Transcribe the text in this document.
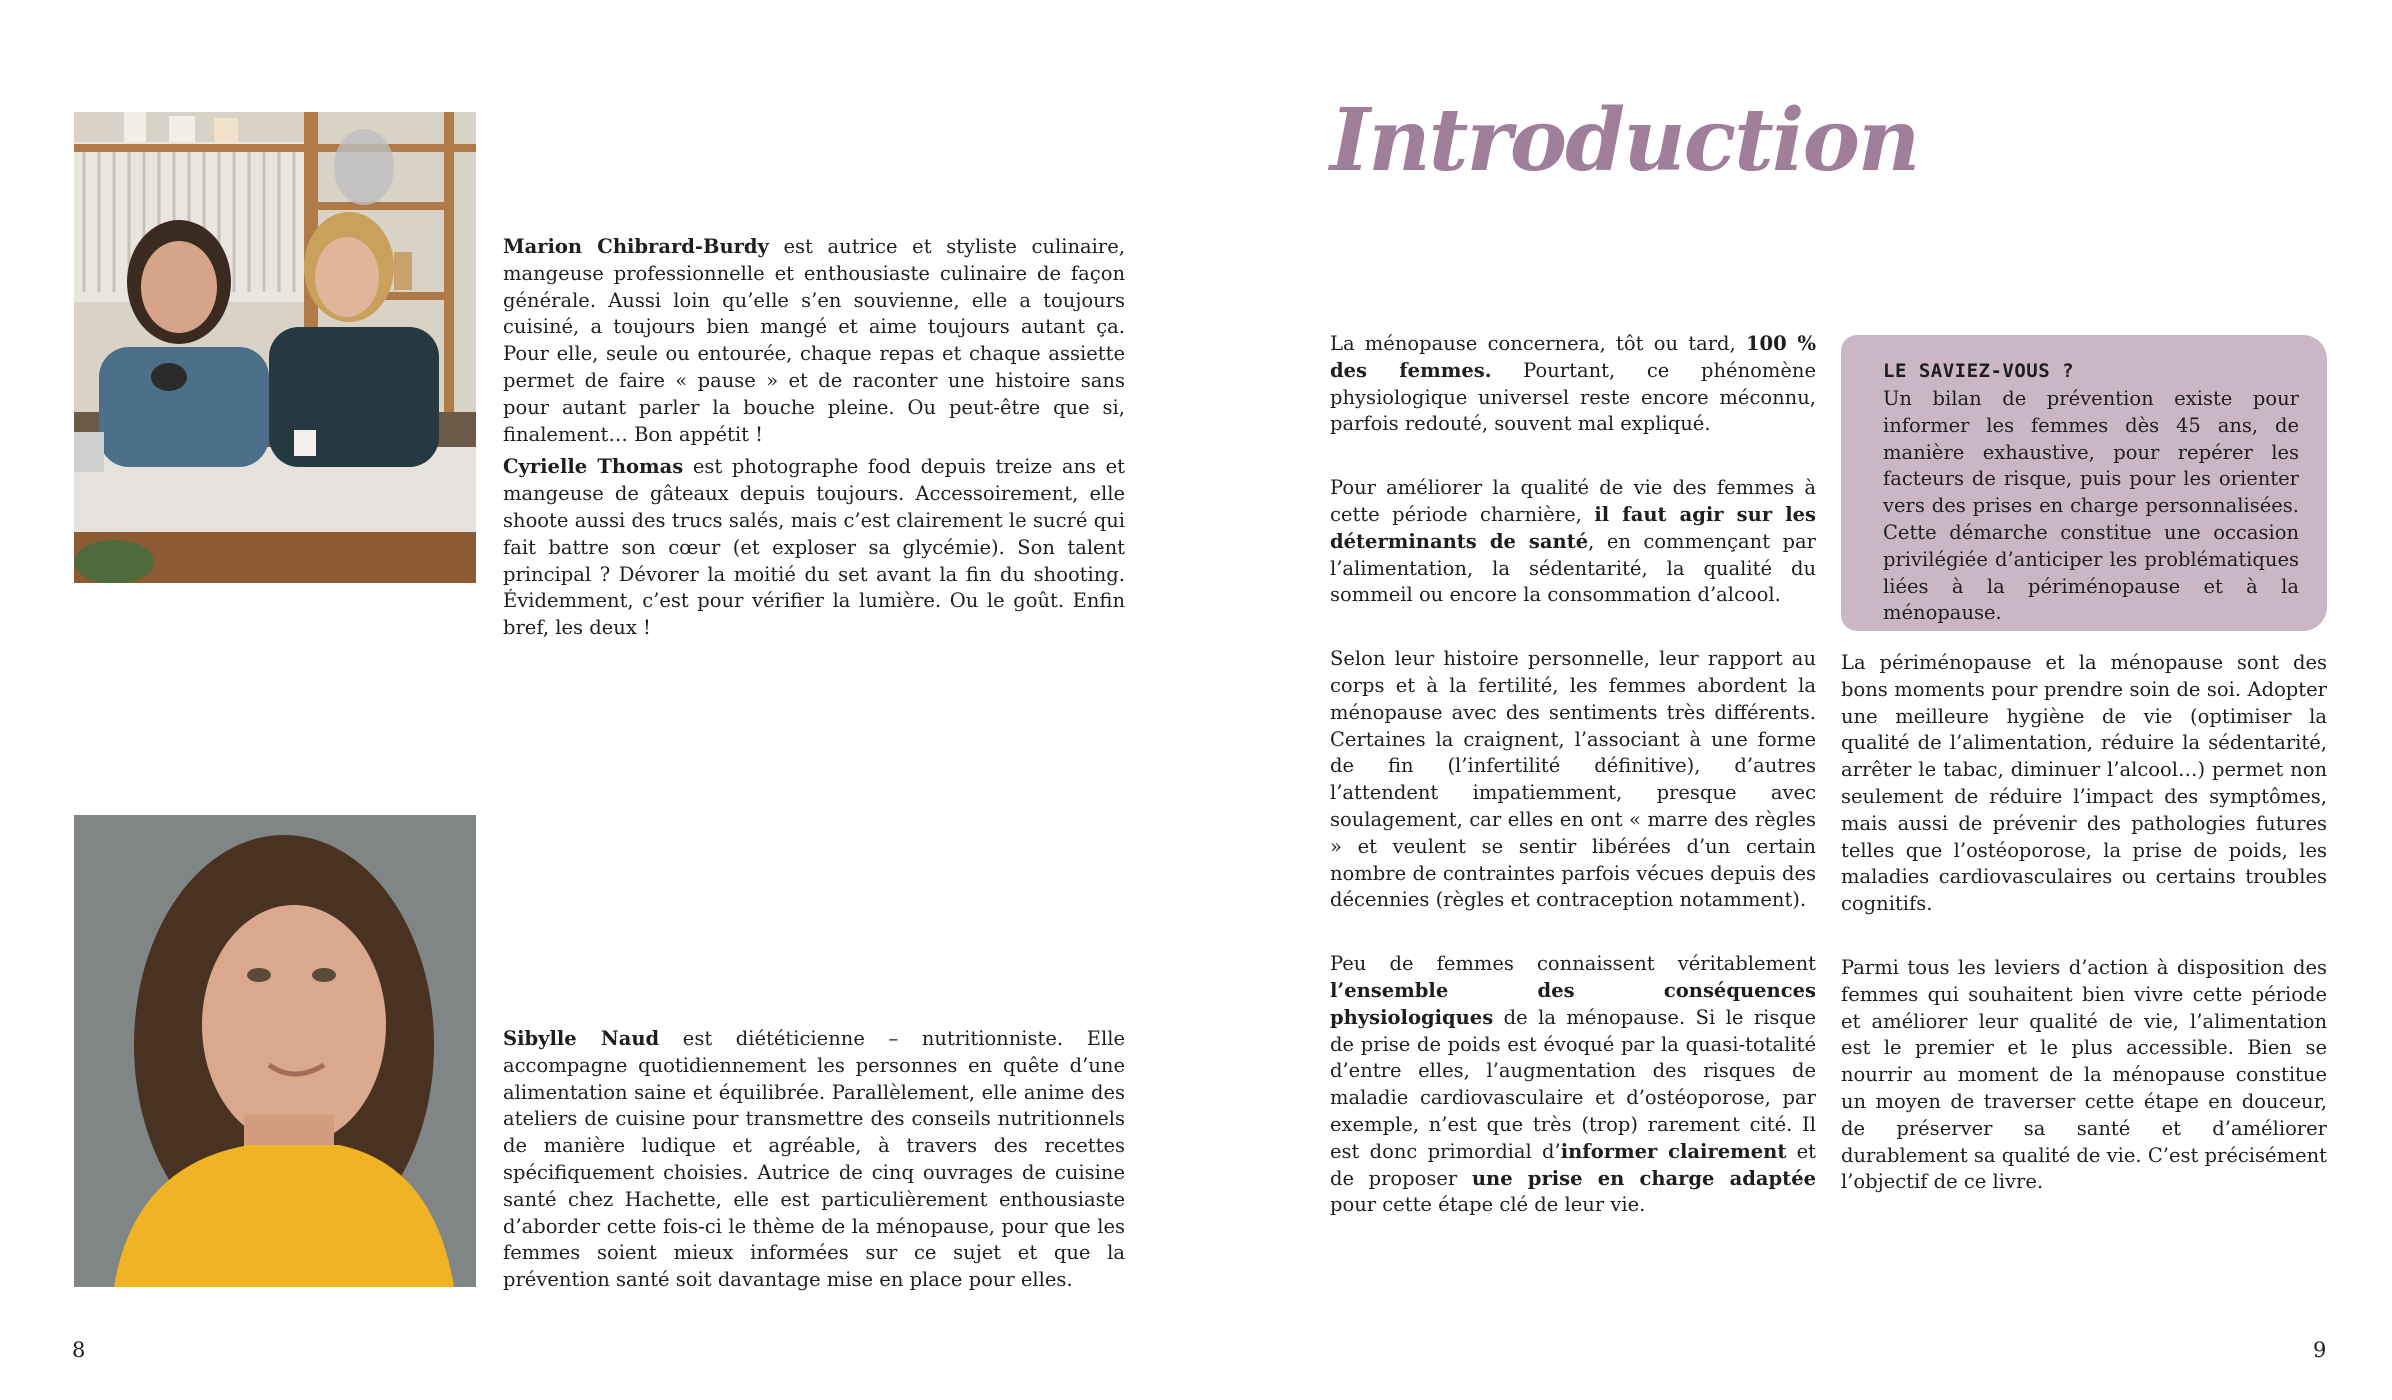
Marion Chibrard-Burdy est autrice et styliste culinaire, mangeuse professionnelle et enthousiaste culinaire de façon générale. Aussi loin qu’elle s’en souvienne, elle a toujours cuisiné, a toujours bien mangé et aime toujours autant ça. Pour elle, seule ou entourée, chaque repas et chaque assiette permet de faire « pause » et de raconter une histoire sans pour autant parler la bouche pleine. Ou peut-être que si, finalement… Bon appétit !

Cyrielle Thomas est photographe food depuis treize ans et mangeuse de gâteaux depuis toujours. Accessoirement, elle shoote aussi des trucs salés, mais c’est clairement le sucré qui fait battre son cœur (et exploser sa glycémie). Son talent principal ? Dévorer la moitié du set avant la fin du shooting. Évidemment, c’est pour vérifier la lumière. Ou le goût. Enfin bref, les deux !

Sibylle Naud est diététicienne – nutritionniste. Elle accompagne quotidiennement les personnes en quête d’une alimentation saine et équilibrée. Parallèlement, elle anime des ateliers de cuisine pour transmettre des conseils nutritionnels de manière ludique et agréable, à travers des recettes spécifiquement choisies. Autrice de cinq ouvrages de cuisine santé chez Hachette, elle est particulièrement enthousiaste d’aborder cette fois-ci le thème de la ménopause, pour que les femmes soient mieux informées sur ce sujet et que la prévention santé soit davantage mise en place pour elles.

8
Introduction

La ménopause concernera, tôt ou tard, 100 % des femmes. Pourtant, ce phénomène physiologique universel reste encore méconnu, parfois redouté, souvent mal expliqué.

Pour améliorer la qualité de vie des femmes à cette période charnière, il faut agir sur les déterminants de santé, en commençant par l’alimentation, la sédentarité, la qualité du sommeil ou encore la consommation d’alcool.

Selon leur histoire personnelle, leur rapport au corps et à la fertilité, les femmes abordent la ménopause avec des sentiments très différents. Certaines la craignent, l’associant à une forme de fin (l’infertilité définitive), d’autres l’attendent impatiemment, presque avec soulagement, car elles en ont « marre des règles » et veulent se sentir libérées d’un certain nombre de contraintes parfois vécues depuis des décennies (règles et contraception notamment).

Peu de femmes connaissent véritablement l’ensemble des conséquences physiologiques de la ménopause. Si le risque de prise de poids est évoqué par la quasi-totalité d’entre elles, l’augmentation des risques de maladie cardiovasculaire et d’ostéoporose, par exemple, n’est que très (trop) rarement cité. Il est donc primordial d’informer clairement et de proposer une prise en charge adaptée pour cette étape clé de leur vie.

LE SAVIEZ-VOUS ?

Un bilan de prévention existe pour informer les femmes dès 45 ans, de manière exhaustive, pour repérer les facteurs de risque, puis pour les orienter vers des prises en charge personnalisées. Cette démarche constitue une occasion privilégiée d’anticiper les problématiques liées à la périménopause et à la ménopause.

La périménopause et la ménopause sont des bons moments pour prendre soin de soi. Adopter une meilleure hygiène de vie (optimiser la qualité de l’alimentation, réduire la sédentarité, arrêter le tabac, diminuer l’alcool…) permet non seulement de réduire l’impact des symptômes, mais aussi de prévenir des pathologies futures telles que l’ostéoporose, la prise de poids, les maladies cardiovasculaires ou certains troubles cognitifs.

Parmi tous les leviers d’action à disposition des femmes qui souhaitent bien vivre cette période et améliorer leur qualité de vie, l’alimentation est le premier et le plus accessible. Bien se nourrir au moment de la ménopause constitue un moyen de traverser cette étape en douceur, de préserver sa santé et d’améliorer durablement sa qualité de vie. C’est précisément l’objectif de ce livre.

9
